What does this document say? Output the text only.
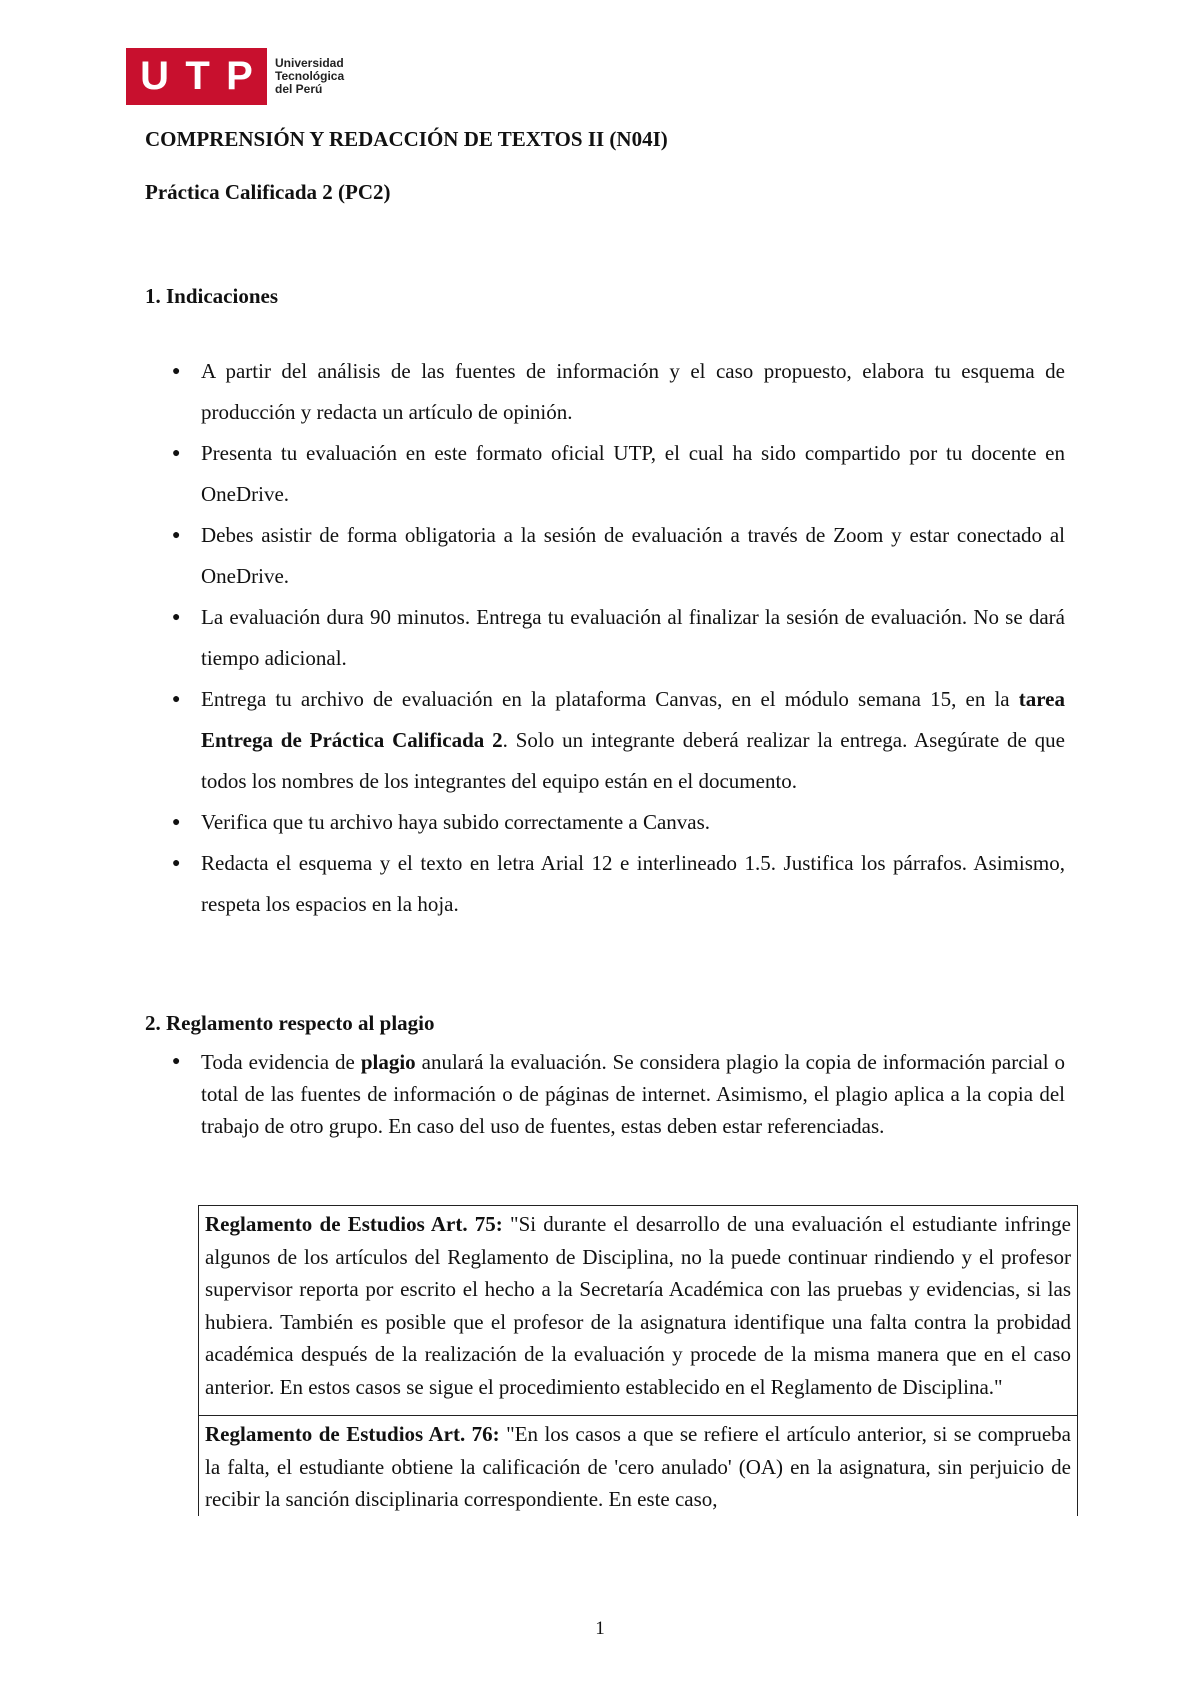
U T P Universidad
Tecnológica
del Perú

COMPRENSIÓN Y REDACCIÓN DE TEXTOS II (N04I)

Práctica Calificada 2 (PC2)

1. Indicaciones

● A partir del análisis de las fuentes de información y el caso propuesto, elabora tu esquema de producción y redacta un artículo de opinión.
● Presenta tu evaluación en este formato oficial UTP, el cual ha sido compartido por tu docente en OneDrive.
● Debes asistir de forma obligatoria a la sesión de evaluación a través de Zoom y estar conectado al OneDrive.
● La evaluación dura 90 minutos. Entrega tu evaluación al finalizar la sesión de evaluación. No se dará tiempo adicional.
● Entrega tu archivo de evaluación en la plataforma Canvas, en el módulo semana 15, en la tarea Entrega de Práctica Calificada 2. Solo un integrante deberá realizar la entrega. Asegúrate de que todos los nombres de los integrantes del equipo están en el documento.
● Verifica que tu archivo haya subido correctamente a Canvas.
● Redacta el esquema y el texto en letra Arial 12 e interlineado 1.5. Justifica los párrafos. Asimismo, respeta los espacios en la hoja.

2. Reglamento respecto al plagio

● Toda evidencia de plagio anulará la evaluación. Se considera plagio la copia de información parcial o total de las fuentes de información o de páginas de internet. Asimismo, el plagio aplica a la copia del trabajo de otro grupo. En caso del uso de fuentes, estas deben estar referenciadas.
Reglamento de Estudios Art. 75: "Si durante el desarrollo de una evaluación el estudiante infringe algunos de los artículos del Reglamento de Disciplina, no la puede continuar rindiendo y el profesor supervisor reporta por escrito el hecho a la Secretaría Académica con las pruebas y evidencias, si las hubiera. También es posible que el profesor de la asignatura identifique una falta contra la probidad académica después de la realización de la evaluación y procede de la misma manera que en el caso anterior. En estos casos se sigue el procedimiento establecido en el Reglamento de Disciplina."
Reglamento de Estudios Art. 76: "En los casos a que se refiere el artículo anterior, si se comprueba la falta, el estudiante obtiene la calificación de 'cero anulado' (OA) en la asignatura, sin perjuicio de recibir la sanción disciplinaria correspondiente. En este caso,
1
